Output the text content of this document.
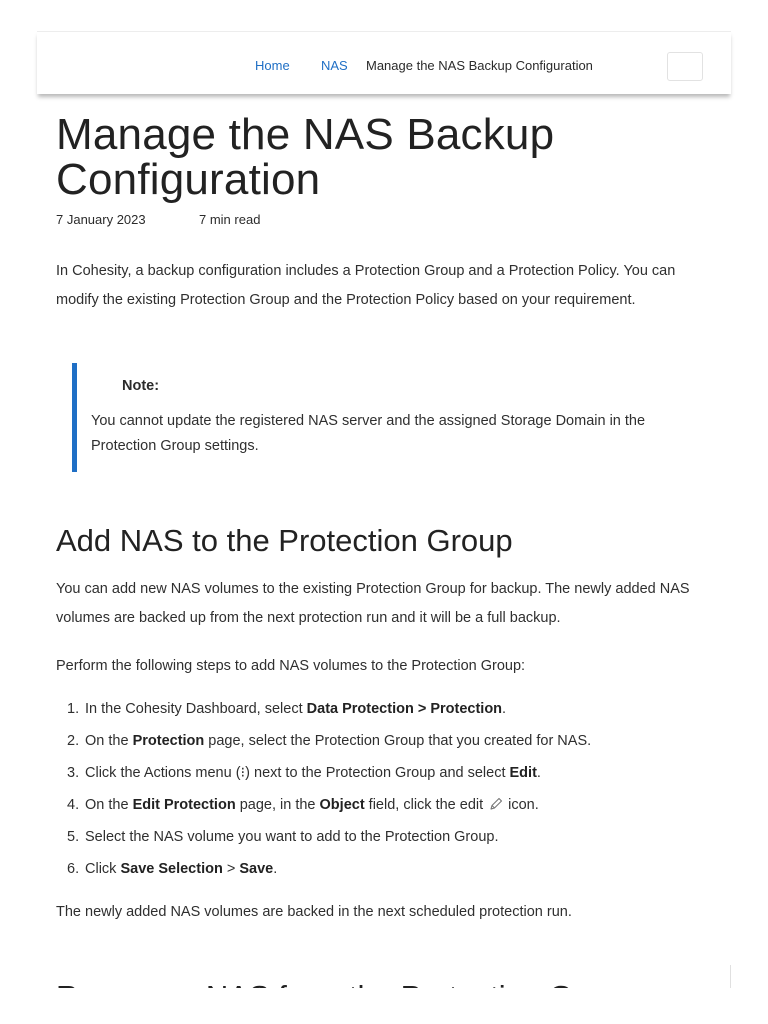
Home NAS Manage the NAS Backup Configuration
Manage the NAS Backup Configuration
7 January 2023	7 min read

In Cohesity, a backup configuration includes a Protection Group and a Protection Policy. You can modify the existing Protection Group and the Protection Policy based on your requirement.

Note:
You cannot update the registered NAS server and the assigned Storage Domain in the Protection Group settings.
Add NAS to the Protection Group

You can add new NAS volumes to the existing Protection Group for backup. The newly added NAS volumes are backed up from the next protection run and it will be a full backup.

Perform the following steps to add NAS volumes to the Protection Group:

1. In the Cohesity Dashboard, select Data Protection > Protection.
2. On the Protection page, select the Protection Group that you created for NAS.
3. Click the Actions menu (⁝) next to the Protection Group and select Edit.
4. On the Edit Protection page, in the Object field, click the edit icon.
5. Select the NAS volume you want to add to the Protection Group.
6. Click Save Selection > Save.

The newly added NAS volumes are backed in the next scheduled protection run.
